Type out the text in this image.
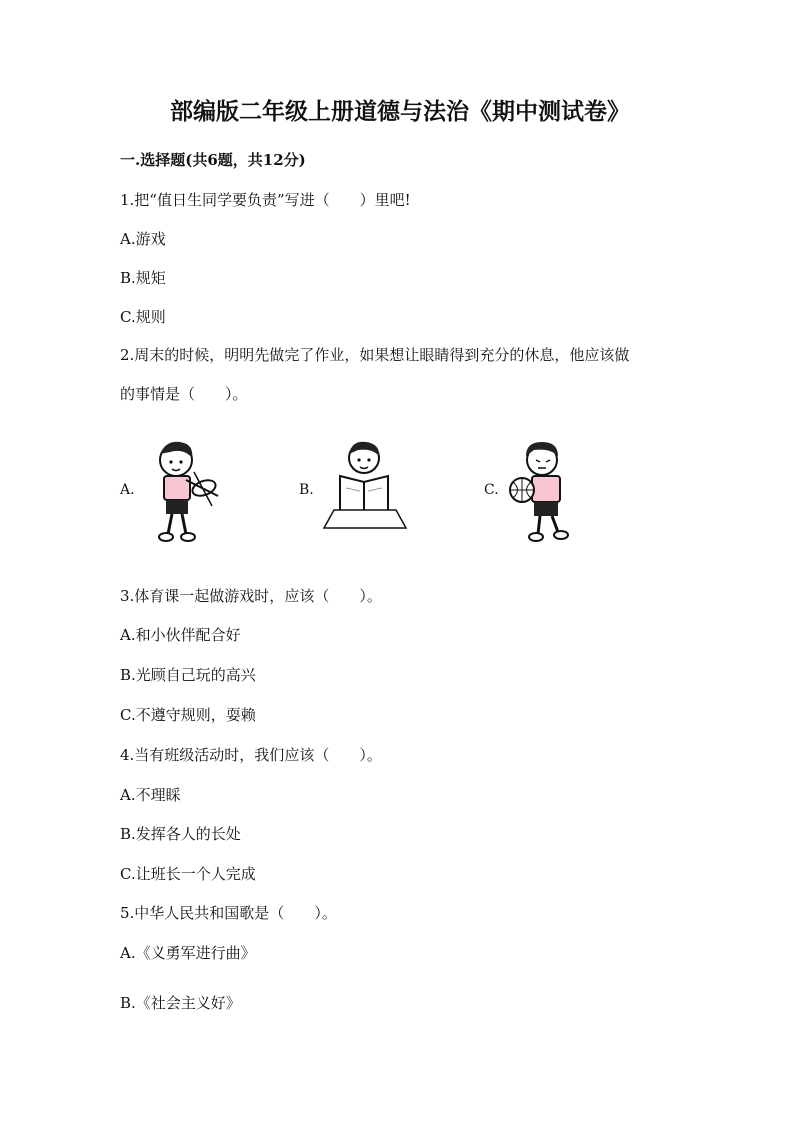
部编版二年级上册道德与法治《期中测试卷》
一.选择题(共6题，共12分)
1.把“值日生同学要负责”写进（　　）里吧!
A.游戏
B.规矩
C.规则
2.周末的时候，明明先做完了作业，如果想让眼睛得到充分的休息，他应该做
的事情是（　　）。
A.	B.	C.
3.体育课一起做游戏时，应该（　　）。
A.和小伙伴配合好
B.光顾自己玩的高兴
C.不遵守规则，耍赖
4.当有班级活动时，我们应该（　　）。
A.不理睬
B.发挥各人的长处
C.让班长一个人完成
5.中华人民共和国歌是（　　）。
A.《义勇军进行曲》
B.《社会主义好》
